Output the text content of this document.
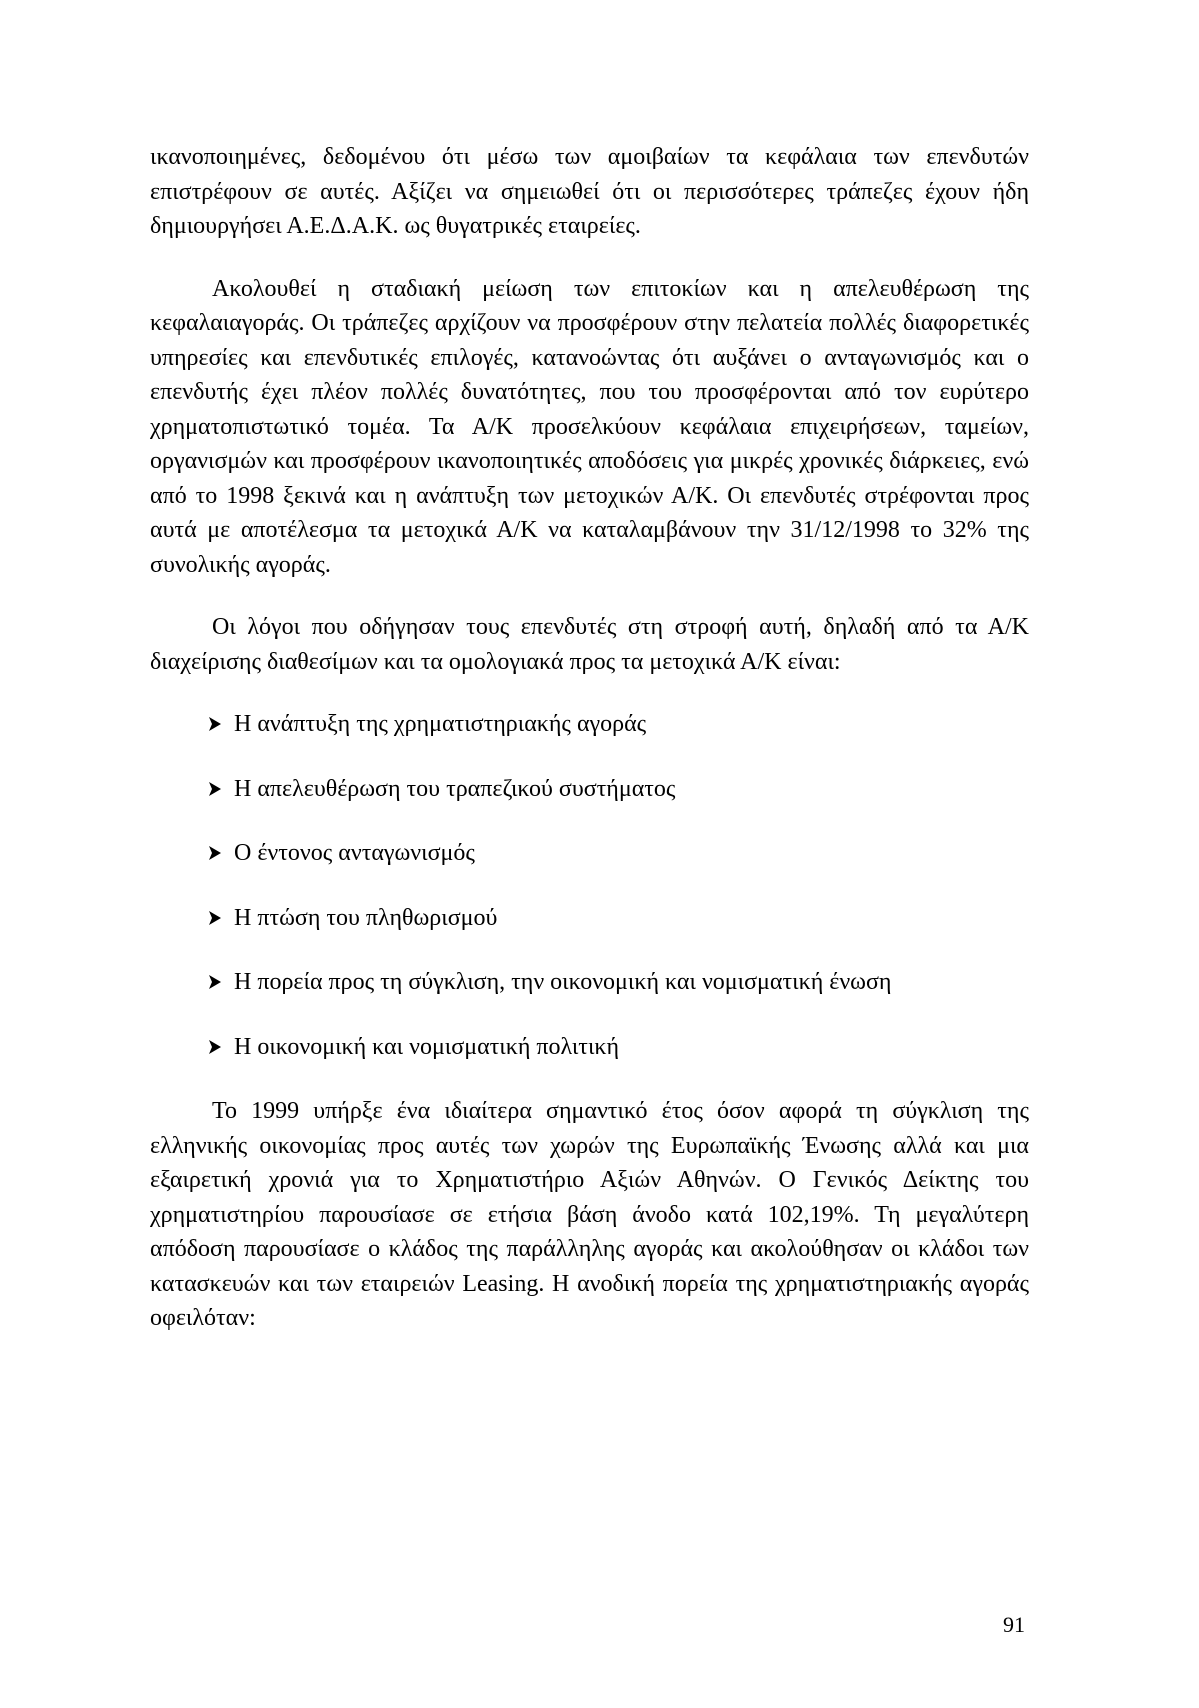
ικανοποιημένες, δεδομένου ότι μέσω των αμοιβαίων τα κεφάλαια των επενδυτών επιστρέφουν σε αυτές. Αξίζει να σημειωθεί ότι οι περισσότερες τράπεζες έχουν ήδη δημιουργήσει Α.Ε.Δ.Α.Κ. ως θυγατρικές εταιρείες.

Ακολουθεί η σταδιακή μείωση των επιτοκίων και η απελευθέρωση της κεφαλαιαγοράς. Οι τράπεζες αρχίζουν να προσφέρουν στην πελατεία πολλές διαφορετικές υπηρεσίες και επενδυτικές επιλογές, κατανοώντας ότι αυξάνει ο ανταγωνισμός και ο επενδυτής έχει πλέον πολλές δυνατότητες, που του προσφέρονται από τον ευρύτερο χρηματοπιστωτικό τομέα. Τα Α/Κ προσελκύουν κεφάλαια επιχειρήσεων, ταμείων, οργανισμών και προσφέρουν ικανοποιητικές αποδόσεις για μικρές χρονικές διάρκειες, ενώ από το 1998 ξεκινά και η ανάπτυξη των μετοχικών Α/Κ. Οι επενδυτές στρέφονται προς αυτά με αποτέλεσμα τα μετοχικά Α/Κ να καταλαμβάνουν την 31/12/1998 το 32% της συνολικής αγοράς.

Οι λόγοι που οδήγησαν τους επενδυτές στη στροφή αυτή, δηλαδή από τα Α/Κ διαχείρισης διαθεσίμων και τα ομολογιακά προς τα μετοχικά Α/Κ είναι:

Η ανάπτυξη της χρηματιστηριακής αγοράς
Η απελευθέρωση του τραπεζικού συστήματος
Ο έντονος ανταγωνισμός
Η πτώση του πληθωρισμού
Η πορεία προς τη σύγκλιση, την οικονομική και νομισματική ένωση
Η οικονομική και νομισματική πολιτική

Το 1999 υπήρξε ένα ιδιαίτερα σημαντικό έτος όσον αφορά τη σύγκλιση της ελληνικής οικονομίας προς αυτές των χωρών της Ευρωπαϊκής Ένωσης αλλά και μια εξαιρετική χρονιά για το Χρηματιστήριο Αξιών Αθηνών. Ο Γενικός Δείκτης του χρηματιστηρίου παρουσίασε σε ετήσια βάση άνοδο κατά 102,19%. Τη μεγαλύτερη απόδοση παρουσίασε ο κλάδος της παράλληλης αγοράς και ακολούθησαν οι κλάδοι των κατασκευών και των εταιρειών Leasing. Η ανοδική πορεία της χρηματιστηριακής αγοράς οφειλόταν:

91
